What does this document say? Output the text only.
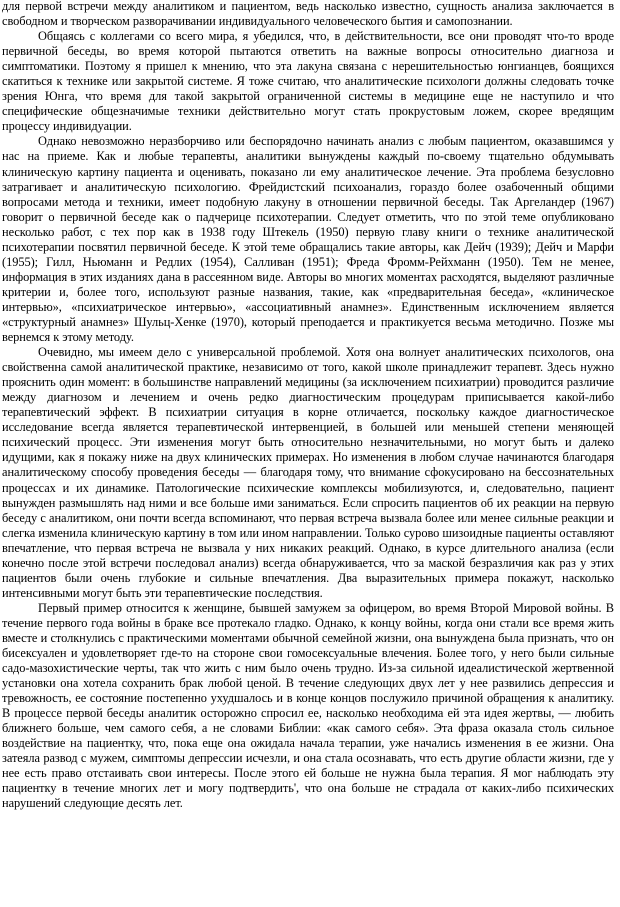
для первой встречи между аналитиком и пациентом, ведь насколько известно, сущность анализа заключается в свободном и творческом разворачивании индивидуального человеческого бытия и самопознании.

Общаясь с коллегами со всего мира, я убедился, что, в действительности, все они проводят что-то вроде первичной беседы, во время которой пытаются ответить на важные вопросы относительно диагноза и симптоматики. Поэтому я пришел к мнению, что эта лакуна связана с нерешительностью юнгианцев, боящихся скатиться к технике или закрытой системе. Я тоже считаю, что аналитические психологи должны следовать точке зрения Юнга, что время для такой закрытой ограниченной системы в медицине еще не наступило и что специфические общезначимые техники действительно могут стать прокрустовым ложем, скорее вредящим процессу индивидуации.

Однако невозможно неразборчиво или беспорядочно начинать анализ с любым пациентом, оказавшимся у нас на приеме. Как и любые терапевты, аналитики вынуждены каждый по-своему тщательно обдумывать клиническую картину пациента и оценивать, показано ли ему аналитическое лечение. Эта проблема безусловно затрагивает и аналитическую психологию. Фрейдистский психоанализ, гораздо более озабоченный общими вопросами метода и техники, имеет подобную лакуну в отношении первичной беседы. Так Аргеландер (1967) говорит о первичной беседе как о падчерице психотерапии. Следует отметить, что по этой теме опубликовано несколько работ, с тех пор как в 1938 году Штекель (1950) первую главу книги о технике аналитической психотерапии посвятил первичной беседе. К этой теме обращались такие авторы, как Дейч (1939); Дейч и Марфи (1955); Гилл, Ньюманн и Редлих (1954), Салливан (1951); Фреда Фромм-Рейхманн (1950). Тем не менее, информация в этих изданиях дана в рассеянном виде. Авторы во многих моментах расходятся, выделяют различные критерии и, более того, используют разные названия, такие, как «предварительная беседа», «клиническое интервью», «психиатрическое интервью», «ассоциативный анамнез». Единственным исключением является «структурный анамнез» Шульц-Хенке (1970), который преподается и практикуется весьма методично. Позже мы вернемся к этому методу.

Очевидно, мы имеем дело с универсальной проблемой. Хотя она волнует аналитических психологов, она свойственна самой аналитической практике, независимо от того, какой школе принадлежит терапевт. Здесь нужно прояснить один момент: в большинстве направлений медицины (за исключением психиатрии) проводится различие между диагнозом и лечением и очень редко диагностическим процедурам приписывается какой-либо терапевтический эффект. В психиатрии ситуация в корне отличается, поскольку каждое диагностическое исследование всегда является терапевтической интервенцией, в большей или меньшей степени меняющей психический процесс. Эти изменения могут быть относительно незначительными, но могут быть и далеко идущими, как я покажу ниже на двух клинических примерах. Но изменения в любом случае начинаются благодаря аналитическому способу проведения беседы — благодаря тому, что внимание сфокусировано на бессознательных процессах и их динамике. Патологические психические комплексы мобилизуются, и, следовательно, пациент вынужден размышлять над ними и все больше ими заниматься. Если спросить пациентов об их реакции на первую беседу с аналитиком, они почти всегда вспоминают, что первая встреча вызвала более или менее сильные реакции и слегка изменила клиническую картину в том или ином направлении. Только сурово шизоидные пациенты оставляют впечатление, что первая встреча не вызвала у них никаких реакций. Однако, в курсе длительного анализа (если конечно после этой встречи последовал анализ) всегда обнаруживается, что за маской безразличия как раз у этих пациентов были очень глубокие и сильные впечатления. Два выразительных примера покажут, насколько интенсивными могут быть эти терапевтические последствия.

Первый пример относится к женщине, бывшей замужем за офицером, во время Второй Мировой войны. В течение первого года войны в браке все протекало гладко. Однако, к концу войны, когда они стали все время жить вместе и столкнулись с практическими моментами обычной семейной жизни, она вынуждена была признать, что он бисексуален и удовлетворяет где-то на стороне свои гомосексуальные влечения. Более того, у него были сильные садо-мазохистические черты, так что жить с ним было очень трудно. Из-за сильной идеалистической жертвенной установки она хотела сохранить брак любой ценой. В течение следующих двух лет у нее развились депрессия и тревожность, ее состояние постепенно ухудшалось и в конце концов послужило причиной обращения к аналитику. В процессе первой беседы аналитик осторожно спросил ее, насколько необходима ей эта идея жертвы, — любить ближнего больше, чем самого себя, а не словами Библии: «как самого себя». Эта фраза оказала столь сильное воздействие на пациентку, что, пока еще она ожидала начала терапии, уже начались изменения в ее жизни. Она затеяла развод с мужем, симптомы депрессии исчезли, и она стала осознавать, что есть другие области жизни, где у нее есть право отстаивать свои интересы. После этого ей больше не нужна была терапия. Я мог наблюдать эту пациентку в течение многих лет и могу подтвердить', что она больше не страдала от каких-либо психических нарушений следующие десять лет.
